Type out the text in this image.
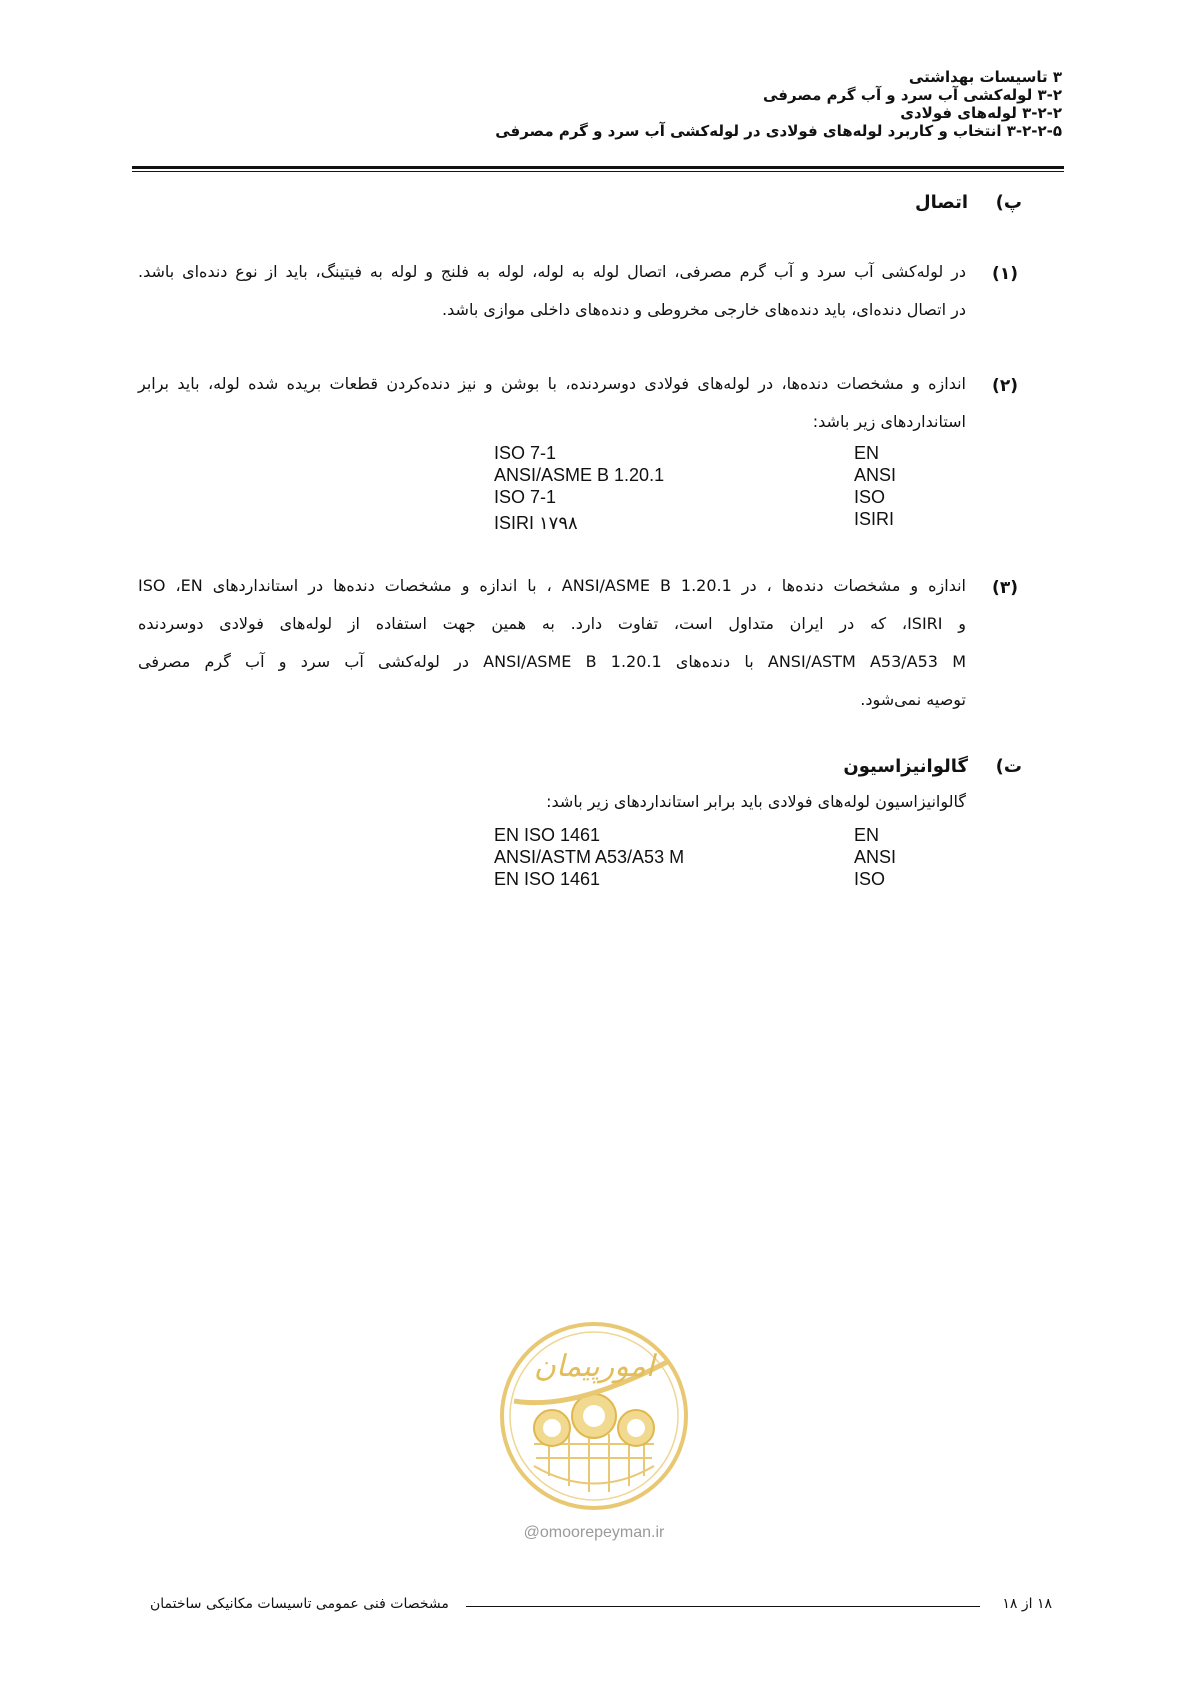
۳ تاسیسات بهداشتی
۳-۲ لوله‌کشی آب سرد و آب گرم مصرفی
۳-۲-۲ لوله‌های فولادی
۳-۲-۲-۵ انتخاب و کاربرد لوله‌های فولادی در لوله‌کشی آب سرد و گرم مصرفی
پ)
اتصال
(۱)
در لوله‌کشی آب سرد و آب گرم مصرفی، اتصال لوله به لوله، لوله به فلنج و لوله به فیتینگ، باید از نوع دنده‌ای باشد.
در اتصال دنده‌ای، باید دنده‌های خارجی مخروطی و دنده‌های داخلی موازی باشد.
(۲)
اندازه و مشخصات دنده‌ها، در لوله‌های فولادی دوسردنده، با بوشن و نیز دنده‌کردن قطعات بریده شده لوله، باید برابر
استانداردهای زیر باشد:
ISO 7-1	EN
ANSI/ASME B 1.20.1	ANSI
ISO 7-1	ISO
ISIRI ۱۷۹۸	ISIRI
(۳)
اندازه و مشخصات دنده‌ها ، در ANSI/ASME B 1.20.1 ، با اندازه و مشخصات دنده‌ها در استانداردهای ISO ،EN
و ISIRI، که در ایران متداول است، تفاوت دارد. به همین جهت استفاده از لوله‌های فولادی دوسردنده
ANSI/ASTM A53/A53 M با دنده‌های ANSI/ASME B 1.20.1 در لوله‌کشی آب سرد و آب گرم مصرفی
توصیه نمی‌شود.
ت)
گالوانیزاسیون
گالوانیزاسیون لوله‌های فولادی باید برابر استانداردهای زیر باشد:
EN ISO 1461	EN
ANSI/ASTM A53/A53 M	ANSI
EN ISO 1461	ISO
امورپیمان
@omoorepeyman.ir
۱۸ از ۱۸
مشخصات فنی عمومی تاسیسات مکانیکی ساختمان
